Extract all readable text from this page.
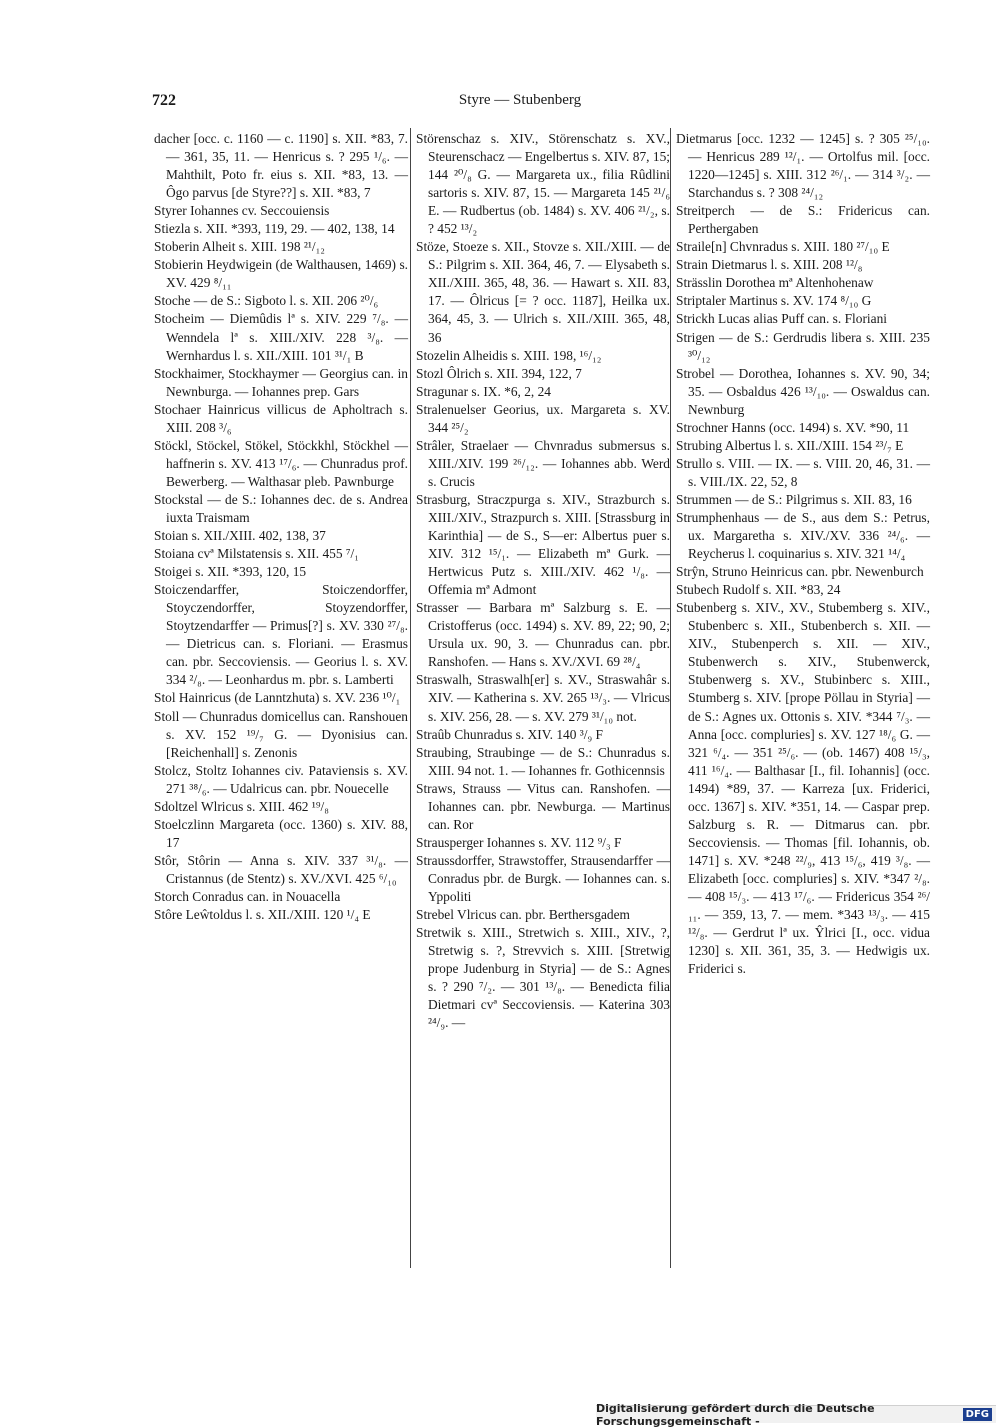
722	Styre — Stubenberg

dacher [occ. c. 1160 — c. 1190] s. XII. *83, 7. — 361, 35, 11. — Henricus s. ? 295 ¹/₆. — Mahthilt, Poto fr. eius s. XII. *83, 13. — Ôgo parvus [de Styre??] s. XII. *83, 7

Styrer Iohannes cv. Seccouiensis

Stiezla s. XII. *393, 119, 29. — 402, 138, 14

Stoberin Alheit s. XIII. 198 ²¹/₁₂

Stobierin Heydwigein (de Walthausen, 1469) s. XV. 429 ⁸/₁₁

Stoche — de S.: Sigboto l. s. XII. 206 ²⁰/₆

Stocheim — Diemûdis lª s. XIV. 229 ⁷/₈. — Wenndela lª s. XIII./XIV. 228 ³/₈. — Wernhardus l. s. XII./XIII. 101 ³¹/₁ B

Stockhaimer, Stockhaymer — Georgius can. in Newnburga. — Iohannes prep. Gars

Stochaer Hainricus villicus de Apholtrach s. XIII. 208 ³/₆

Stöckl, Stöckel, Stökel, Stöckkhl, Stöckhel — haffnerin s. XV. 413 ¹⁷/₆. — Chunradus prof. Bewerberg. — Walthasar pleb. Pawnburge

Stockstal — de S.: Iohannes dec. de s. Andrea iuxta Traismam

Stoian s. XII./XIII. 402, 138, 37

Stoiana cvª Milstatensis s. XII. 455 ⁷/₁

Stoigei s. XII. *393, 120, 15

Stoiczendarffer, Stoiczendorffer, Stoyczendorffer, Stoyzendorffer, Stoytzendarffer — Primus[?] s. XV. 330 ²⁷/₈. — Dietricus can. s. Floriani. — Erasmus can. pbr. Seccoviensis. — Georius l. s. XV. 334 ²/₈. — Leonhardus m. pbr. s. Lamberti

Stol Hainricus (de Lanntzhuta) s. XV. 236 ¹⁰/₁

Stoll — Chunradus domicellus can. Ranshouen s. XV. 152 ¹⁹/₇ G. — Dyonisius can. [Reichenhall] s. Zenonis

Stolcz, Stoltz Iohannes civ. Pataviensis s. XV. 271 ³⁸/₆. — Udalricus can. pbr. Nouecelle

Sdoltzel Wlricus s. XIII. 462 ¹⁹/₈

Stoelczlinn Margareta (occ. 1360) s. XIV. 88, 17

Stôr, Stôrin — Anna s. XIV. 337 ³¹/₈. — Cristannus (de Stentz) s. XV./XVI. 425 ⁶/₁₀

Storch Conradus can. in Nouacella

Stôre Leŵtoldus l. s. XII./XIII. 120 ¹/₄ E

Störenschaz s. XIV., Störenschatz s. XV., Steurenschacz — Engelbertus s. XIV. 87, 15; 144 ²⁰/₈ G. — Margareta ux., filia Rûdlini sartoris s. XIV. 87, 15. — Margareta 145 ²¹/₆ E. — Rudbertus (ob. 1484) s. XV. 406 ²¹/₂, s. ? 452 ¹³/₂

Stöze, Stoeze s. XII., Stovze s. XII./XIII. — de S.: Pilgrim s. XII. 364, 46, 7. — Elysabeth s. XII./XIII. 365, 48, 36. — Hawart s. XII. 83, 17. — Ôlricus [= ? occ. 1187], Heilka ux. 364, 45, 3. — Ulrich s. XII./XIII. 365, 48, 36

Stozelin Alheidis s. XIII. 198, ¹⁶/₁₂

Stozl Ôlrich s. XII. 394, 122, 7

Stragunar s. IX. *6, 2, 24

Stralenuelser Georius, ux. Margareta s. XV. 344 ²⁵/₂

Strâler, Straelaer — Chvnradus submersus s. XIII./XIV. 199 ²⁶/₁₂. — Iohannes abb. Werd s. Crucis

Strasburg, Straczpurga s. XIV., Strazburch s. XIII./XIV., Strazpurch s. XIII. [Strassburg in Karinthia] — de S., S—er: Albertus puer s. XIV. 312 ¹⁵/₁. — Elizabeth mª Gurk. — Hertwicus Putz s. XIII./XIV. 462 ¹/₈. — Offemia mª Admont

Strasser — Barbara mª Salzburg s. E. — Cristofferus (occ. 1494) s. XV. 89, 22; 90, 2; Ursula ux. 90, 3. — Chunradus can. pbr. Ranshofen. — Hans s. XV./XVI. 69 ²⁸/₄

Straswalh, Straswalh[er] s. XV., Straswahâr s. XIV. — Katherina s. XV. 265 ¹³/₃. — Vlricus s. XIV. 256, 28. — s. XV. 279 ³¹/₁₀ not.

Straûb Chunradus s. XIV. 140 ³/₉ F

Straubing, Straubinge — de S.: Chunradus s. XIII. 94 not. 1. — Iohannes fr. Gothicennsis

Straws, Strauss — Vitus can. Ranshofen. — Iohannes can. pbr. Newburga. — Martinus can. Ror

Strausperger Iohannes s. XV. 112 ⁹/₃ F

Straussdorffer, Strawstoffer, Strausendarffer — Conradus pbr. de Burgk. — Iohannes can. s. Yppoliti

Strebel Vlricus can. pbr. Berthersgadem

Stretwik s. XIII., Stretwich s. XIII., XIV., ?, Stretwig s. ?, Strevvich s. XIII. [Stretwig prope Judenburg in Styria] — de S.: Agnes s. ? 290 ⁷/₂. — 301 ¹³/₈. — Benedicta filia Dietmari cvª Seccoviensis. — Katerina 303 ²⁴/₉. —

Dietmarus [occ. 1232 — 1245] s. ? 305 ²⁵/₁₀. — Henricus 289 ¹²/₁. — Ortolfus mil. [occ. 1220—1245] s. XIII. 312 ²⁶/₁. — 314 ³/₂. — Starchandus s. ? 308 ²⁴/₁₂

Streitperch — de S.: Fridericus can. Perthergaben

Straile[n] Chvnradus s. XIII. 180 ²⁷/₁₀ E

Strain Dietmarus l. s. XIII. 208 ¹²/₈

Strässlin Dorothea mª Altenhohenaw

Striptaler Martinus s. XV. 174 ⁸/₁₀ G

Strickh Lucas alias Puff can. s. Floriani

Strigen — de S.: Gerdrudis libera s. XIII. 235 ³⁰/₁₂

Strobel — Dorothea, Iohannes s. XV. 90, 34; 35. — Osbaldus 426 ¹³/₁₀. — Oswaldus can. Newnburg

Strochner Hanns (occ. 1494) s. XV. *90, 11

Strubing Albertus l. s. XII./XIII. 154 ²³/₇ E

Strullo s. VIII. — IX. — s. VIII. 20, 46, 31. — s. VIII./IX. 22, 52, 8

Strummen — de S.: Pilgrimus s. XII. 83, 16

Strumphenhaus — de S., aus dem S.: Petrus, ux. Margaretha s. XIV./XV. 336 ²⁴/₆. — Reycherus l. coquinarius s. XIV. 321 ¹⁴/₄

Strŷn, Struno Heinricus can. pbr. Newenburch

Stubech Rudolf s. XII. *83, 24

Stubenberg s. XIV., XV., Stubemberg s. XIV., Stubenberc s. XII., Stubenberch s. XII. — XIV., Stubenperch s. XII. — XIV., Stubenwerch s. XIV., Stubenwerck, Stubenwerg s. XV., Stubinberc s. XIII., Stumberg s. XIV. [prope Pöllau in Styria] — de S.: Agnes ux. Ottonis s. XIV. *344 ⁷/₃. — Anna [occ. compluries] s. XV. 127 ¹⁸/₆ G. — 321 ⁶/₄. — 351 ²⁵/₆. — (ob. 1467) 408 ¹⁵/₃, 411 ¹⁶/₄. — Balthasar [I., fil. Iohannis] (occ. 1494) *89, 37. — Karreza [ux. Friderici, occ. 1367] s. XIV. *351, 14. — Caspar prep. Salzburg s. R. — Ditmarus can. pbr. Seccoviensis. — Thomas [fil. Iohannis, ob. 1471] s. XV. *248 ²²/₉, 413 ¹⁵/₆, 419 ³/₈. — Elizabeth [occ. compluries] s. XIV. *347 ²/₈. — 408 ¹⁵/₃. — 413 ¹⁷/₆. — Fridericus 354 ²⁶/₁₁. — 359, 13, 7. — mem. *343 ¹³/₃. — 415 ¹²/₈. — Gerdrut lª ux. Ŷlrici [I., occ. vidua 1230] s. XII. 361, 35, 3. — Hedwigis ux. Friderici s.

Digitalisierung gefördert durch die Deutsche Forschungsgemeinschaft -	DFG
